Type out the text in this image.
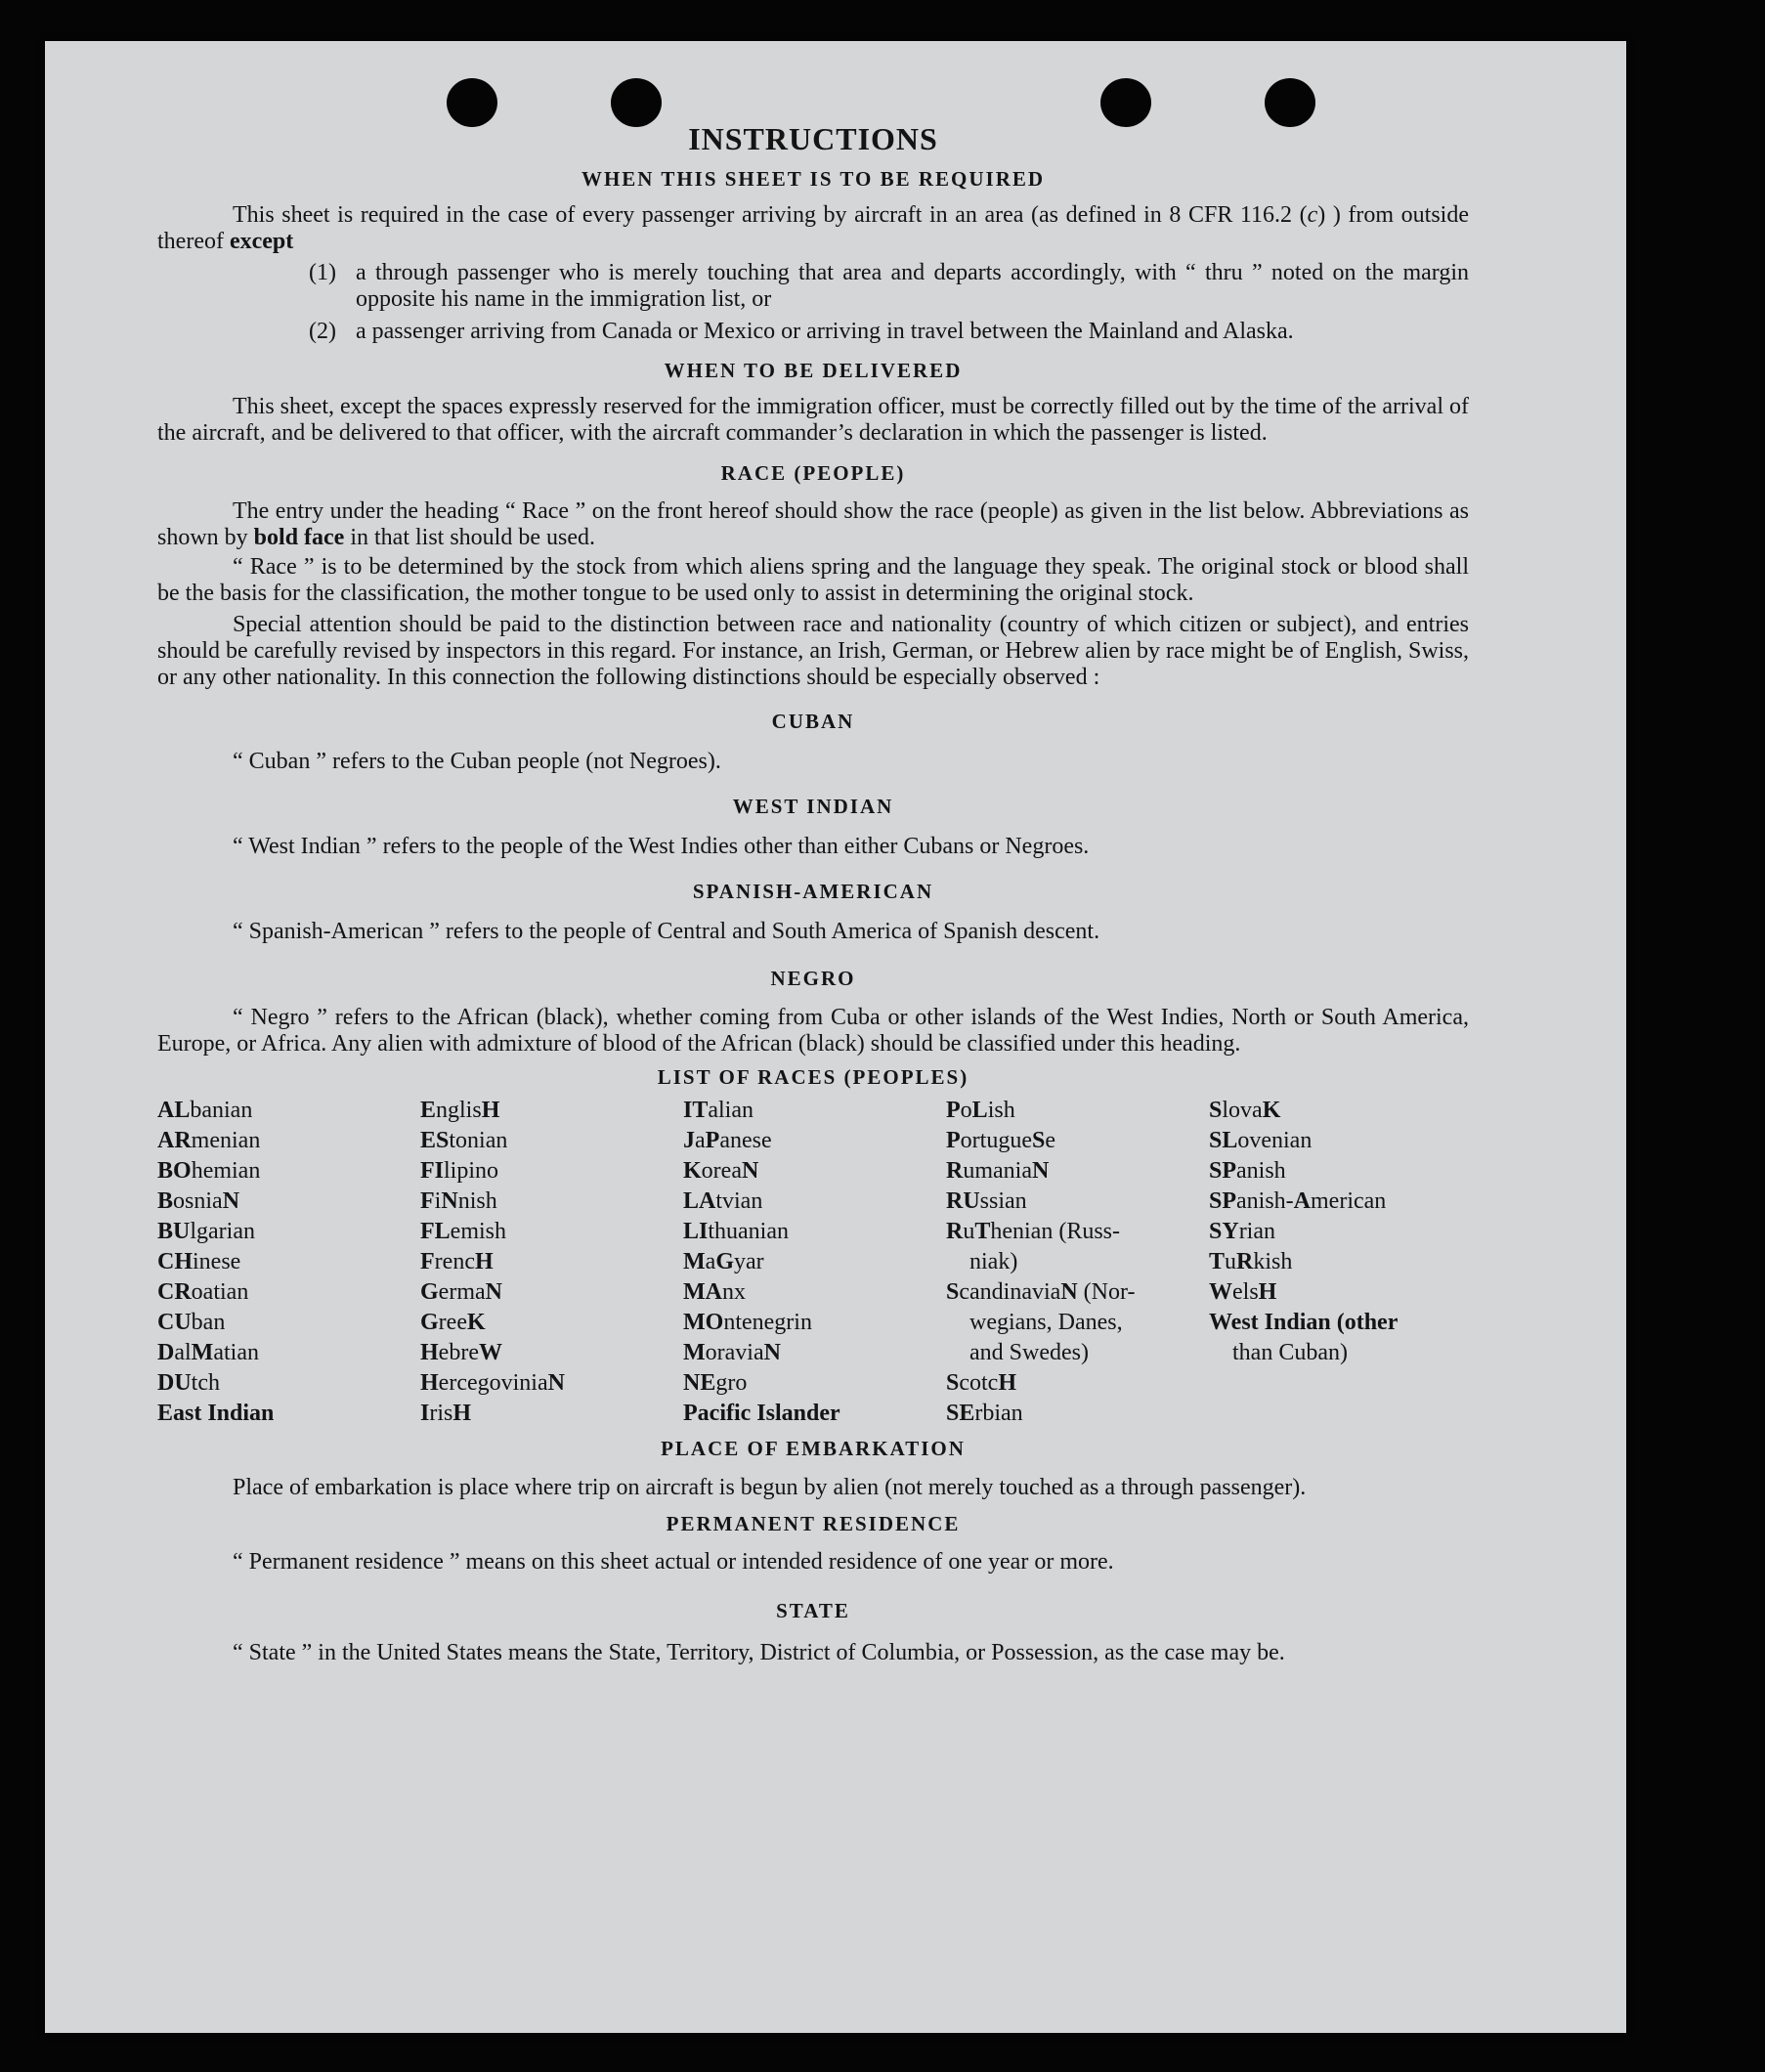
INSTRUCTIONS
WHEN THIS SHEET IS TO BE REQUIRED

This sheet is required in the case of every passenger arriving by aircraft in an area (as defined in 8 CFR 116.2 (c) ) from outside thereof except

(1) a through passenger who is merely touching that area and departs accordingly, with “ thru ” noted on the margin opposite his name in the immigration list, or
(2) a passenger arriving from Canada or Mexico or arriving in travel between the Mainland and Alaska.
WHEN TO BE DELIVERED

This sheet, except the spaces expressly reserved for the immigration officer, must be correctly filled out by the time of the arrival of the aircraft, and be delivered to that officer, with the aircraft commander’s declaration in which the passenger is listed.

RACE (PEOPLE)

The entry under the heading “ Race ” on the front hereof should show the race (people) as given in the list below. Abbreviations as shown by bold face in that list should be used.

“ Race ” is to be determined by the stock from which aliens spring and the language they speak. The original stock or blood shall be the basis for the classification, the mother tongue to be used only to assist in determining the original stock.

Special attention should be paid to the distinction between race and nationality (country of which citizen or subject), and entries should be carefully revised by inspectors in this regard. For instance, an Irish, German, or Hebrew alien by race might be of English, Swiss, or any other nationality. In this connection the following distinctions should be especially observed :

CUBAN

“ Cuban ” refers to the Cuban people (not Negroes).

WEST INDIAN

“ West Indian ” refers to the people of the West Indies other than either Cubans or Negroes.

SPANISH-AMERICAN

“ Spanish-American ” refers to the people of Central and South America of Spanish descent.

NEGRO

“ Negro ” refers to the African (black), whether coming from Cuba or other islands of the West Indies, North or South America, Europe, or Africa. Any alien with admixture of blood of the African (black) should be classified under this heading.

LIST OF RACES (PEOPLES)
ALbanian
ARmenian
BOhemian
BosniaN
BUlgarian
CHinese
CRoatian
CUban
DalMatian
DUtch
East Indian
EnglisH
EStonian
FIlipino
FiNnish
FLemish
FrencH
GermaN
GreeK
HebreW
HercegoviniaN
IrisH
ITalian
JaPanese
KoreaN
LAtvian
LIthuanian
MaGyar
MAnx
MOntenegrin
MoraviaN
NEgro
Pacific Islander
PoLish
PortugueSe
RumaniaN
RUssian
RuThenian (Russ-
niak)
ScandinaviaN (Nor-
wegians, Danes,
and Swedes)
ScotcH
SErbian
SlovaK
SLovenian
SPanish
SPanish-American
SYrian
TuRkish
WelsH
West Indian (other
than Cuban)
PLACE OF EMBARKATION

Place of embarkation is place where trip on aircraft is begun by alien (not merely touched as a through passenger).

PERMANENT RESIDENCE

“ Permanent residence ” means on this sheet actual or intended residence of one year or more.

STATE

“ State ” in the United States means the State, Territory, District of Columbia, or Possession, as the case may be.
